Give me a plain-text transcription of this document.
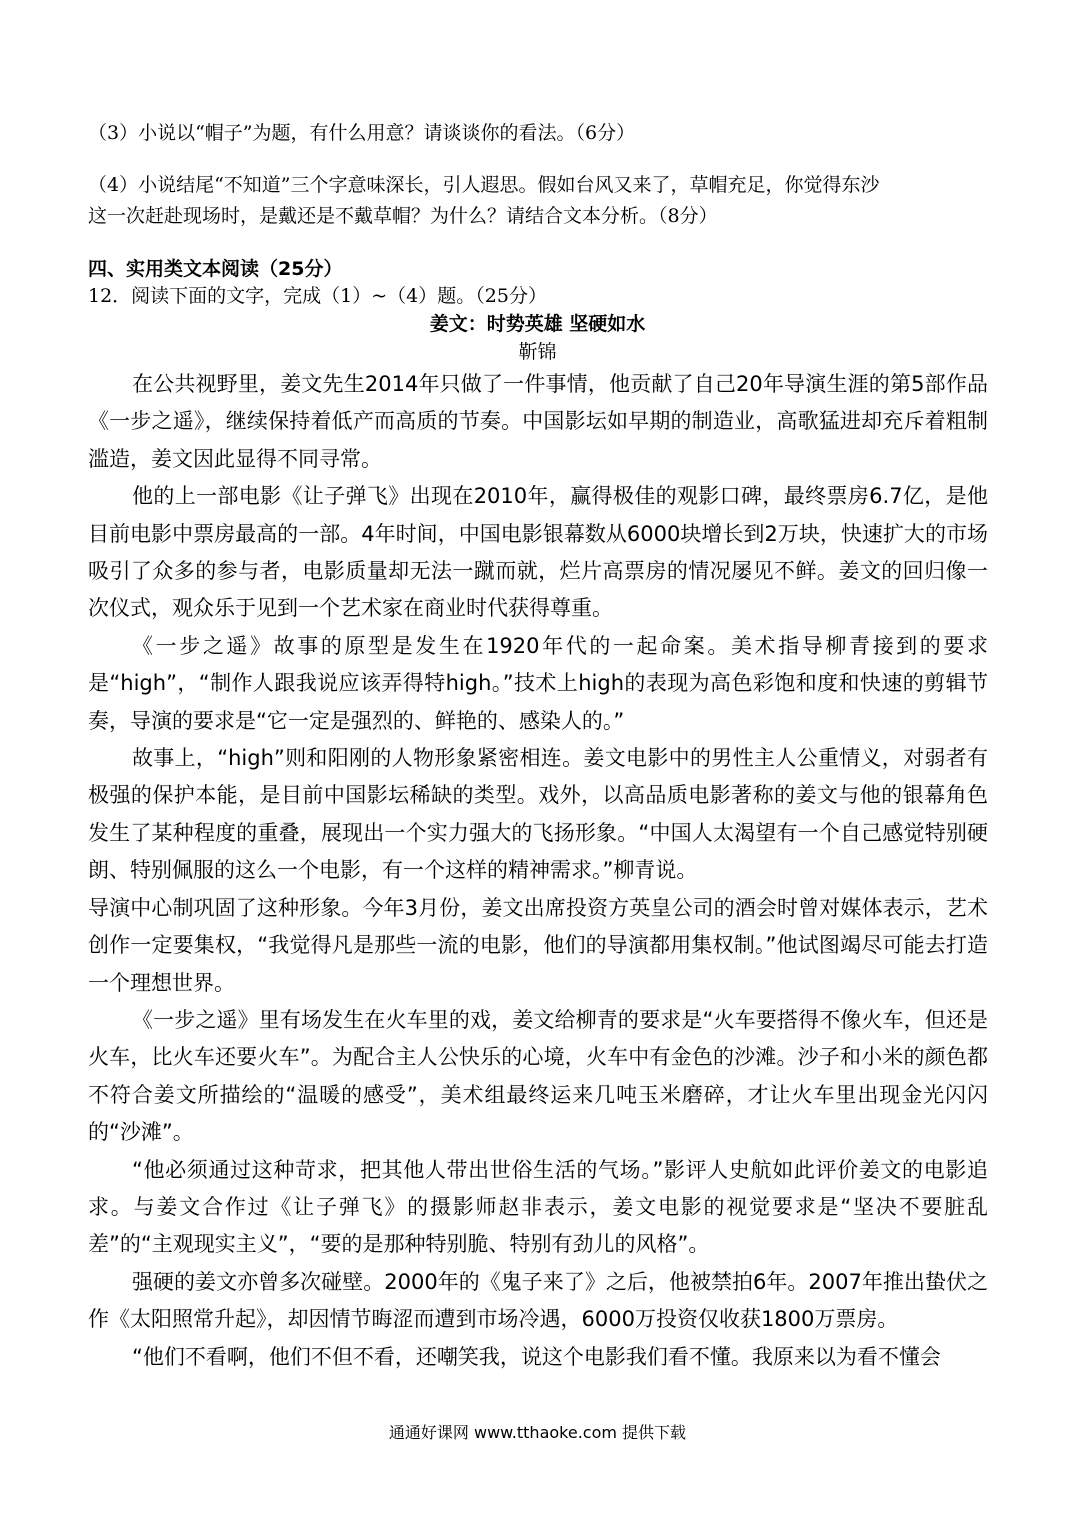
（3）小说以“帽子”为题，有什么用意？请谈谈你的看法。（6分）
（4）小说结尾“不知道”三个字意味深长，引人遐思。假如台风又来了，草帽充足，你觉得东沙
这一次赶赴现场时，是戴还是不戴草帽？为什么？请结合文本分析。（8分）
四、实用类文本阅读（25分）
12．阅读下面的文字，完成（1）~（4）题。（25分）
姜文：时势英雄 坚硬如水
靳锦

在公共视野里，姜文先生2014年只做了一件事情，他贡献了自己20年导演生涯的第5部作品《一步之遥》，继续保持着低产而高质的节奏。中国影坛如早期的制造业，高歌猛进却充斥着粗制滥造，姜文因此显得不同寻常。

他的上一部电影《让子弹飞》出现在2010年，赢得极佳的观影口碑，最终票房6.7亿，是他目前电影中票房最高的一部。4年时间，中国电影银幕数从6000块增长到2万块，快速扩大的市场吸引了众多的参与者，电影质量却无法一蹴而就，烂片高票房的情况屡见不鲜。姜文的回归像一次仪式，观众乐于见到一个艺术家在商业时代获得尊重。

《一步之遥》故事的原型是发生在1920年代的一起命案。美术指导柳青接到的要求是“high”，“制作人跟我说应该弄得特high。”技术上high的表现为高色彩饱和度和快速的剪辑节奏，导演的要求是“它一定是强烈的、鲜艳的、感染人的。”

故事上，“high”则和阳刚的人物形象紧密相连。姜文电影中的男性主人公重情义，对弱者有极强的保护本能，是目前中国影坛稀缺的类型。戏外，以高品质电影著称的姜文与他的银幕角色发生了某种程度的重叠，展现出一个实力强大的飞扬形象。“中国人太渴望有一个自己感觉特别硬朗、特别佩服的这么一个电影，有一个这样的精神需求。”柳青说。

导演中心制巩固了这种形象。今年3月份，姜文出席投资方英皇公司的酒会时曾对媒体表示，艺术创作一定要集权，“我觉得凡是那些一流的电影，他们的导演都用集权制。”他试图竭尽可能去打造一个理想世界。

《一步之遥》里有场发生在火车里的戏，姜文给柳青的要求是“火车要搭得不像火车，但还是火车，比火车还要火车”。为配合主人公快乐的心境，火车中有金色的沙滩。沙子和小米的颜色都不符合姜文所描绘的“温暖的感受”，美术组最终运来几吨玉米磨碎，才让火车里出现金光闪闪的“沙滩”。

“他必须通过这种苛求，把其他人带出世俗生活的气场。”影评人史航如此评价姜文的电影追求。与姜文合作过《让子弹飞》的摄影师赵非表示，姜文电影的视觉要求是“坚决不要脏乱差”的“主观现实主义”，“要的是那种特别脆、特别有劲儿的风格”。

强硬的姜文亦曾多次碰壁。2000年的《鬼子来了》之后，他被禁拍6年。2007年推出蛰伏之作《太阳照常升起》，却因情节晦涩而遭到市场冷遇，6000万投资仅收获1800万票房。

“他们不看啊，他们不但不看，还嘲笑我，说这个电影我们看不懂。我原来以为看不懂会

通通好课网 www.tthaoke.com 提供下载
